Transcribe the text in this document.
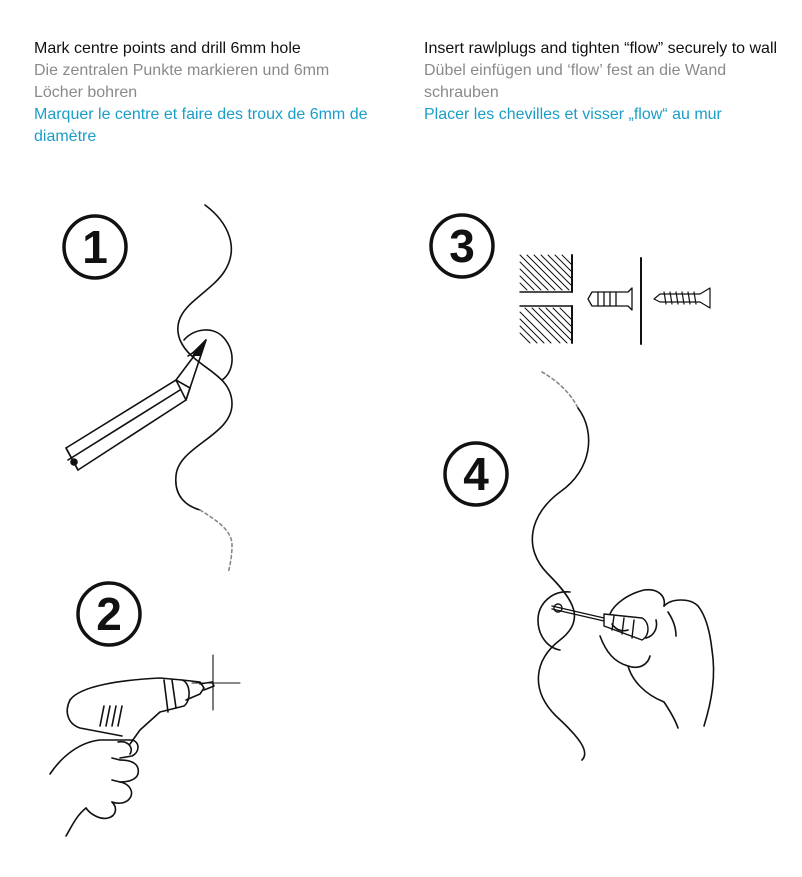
Mark centre points and drill 6mm hole

Die zentralen Punkte markieren und 6mm Löcher bohren

Marquer le centre et faire des troux de 6mm de diamètre

Insert rawlplugs and tighten “flow” securely to wall

Dübel einfügen und ‘flow’ fest an die Wand schrauben

Placer les chevilles et visser „flow“ au mur

1
2
3
4
